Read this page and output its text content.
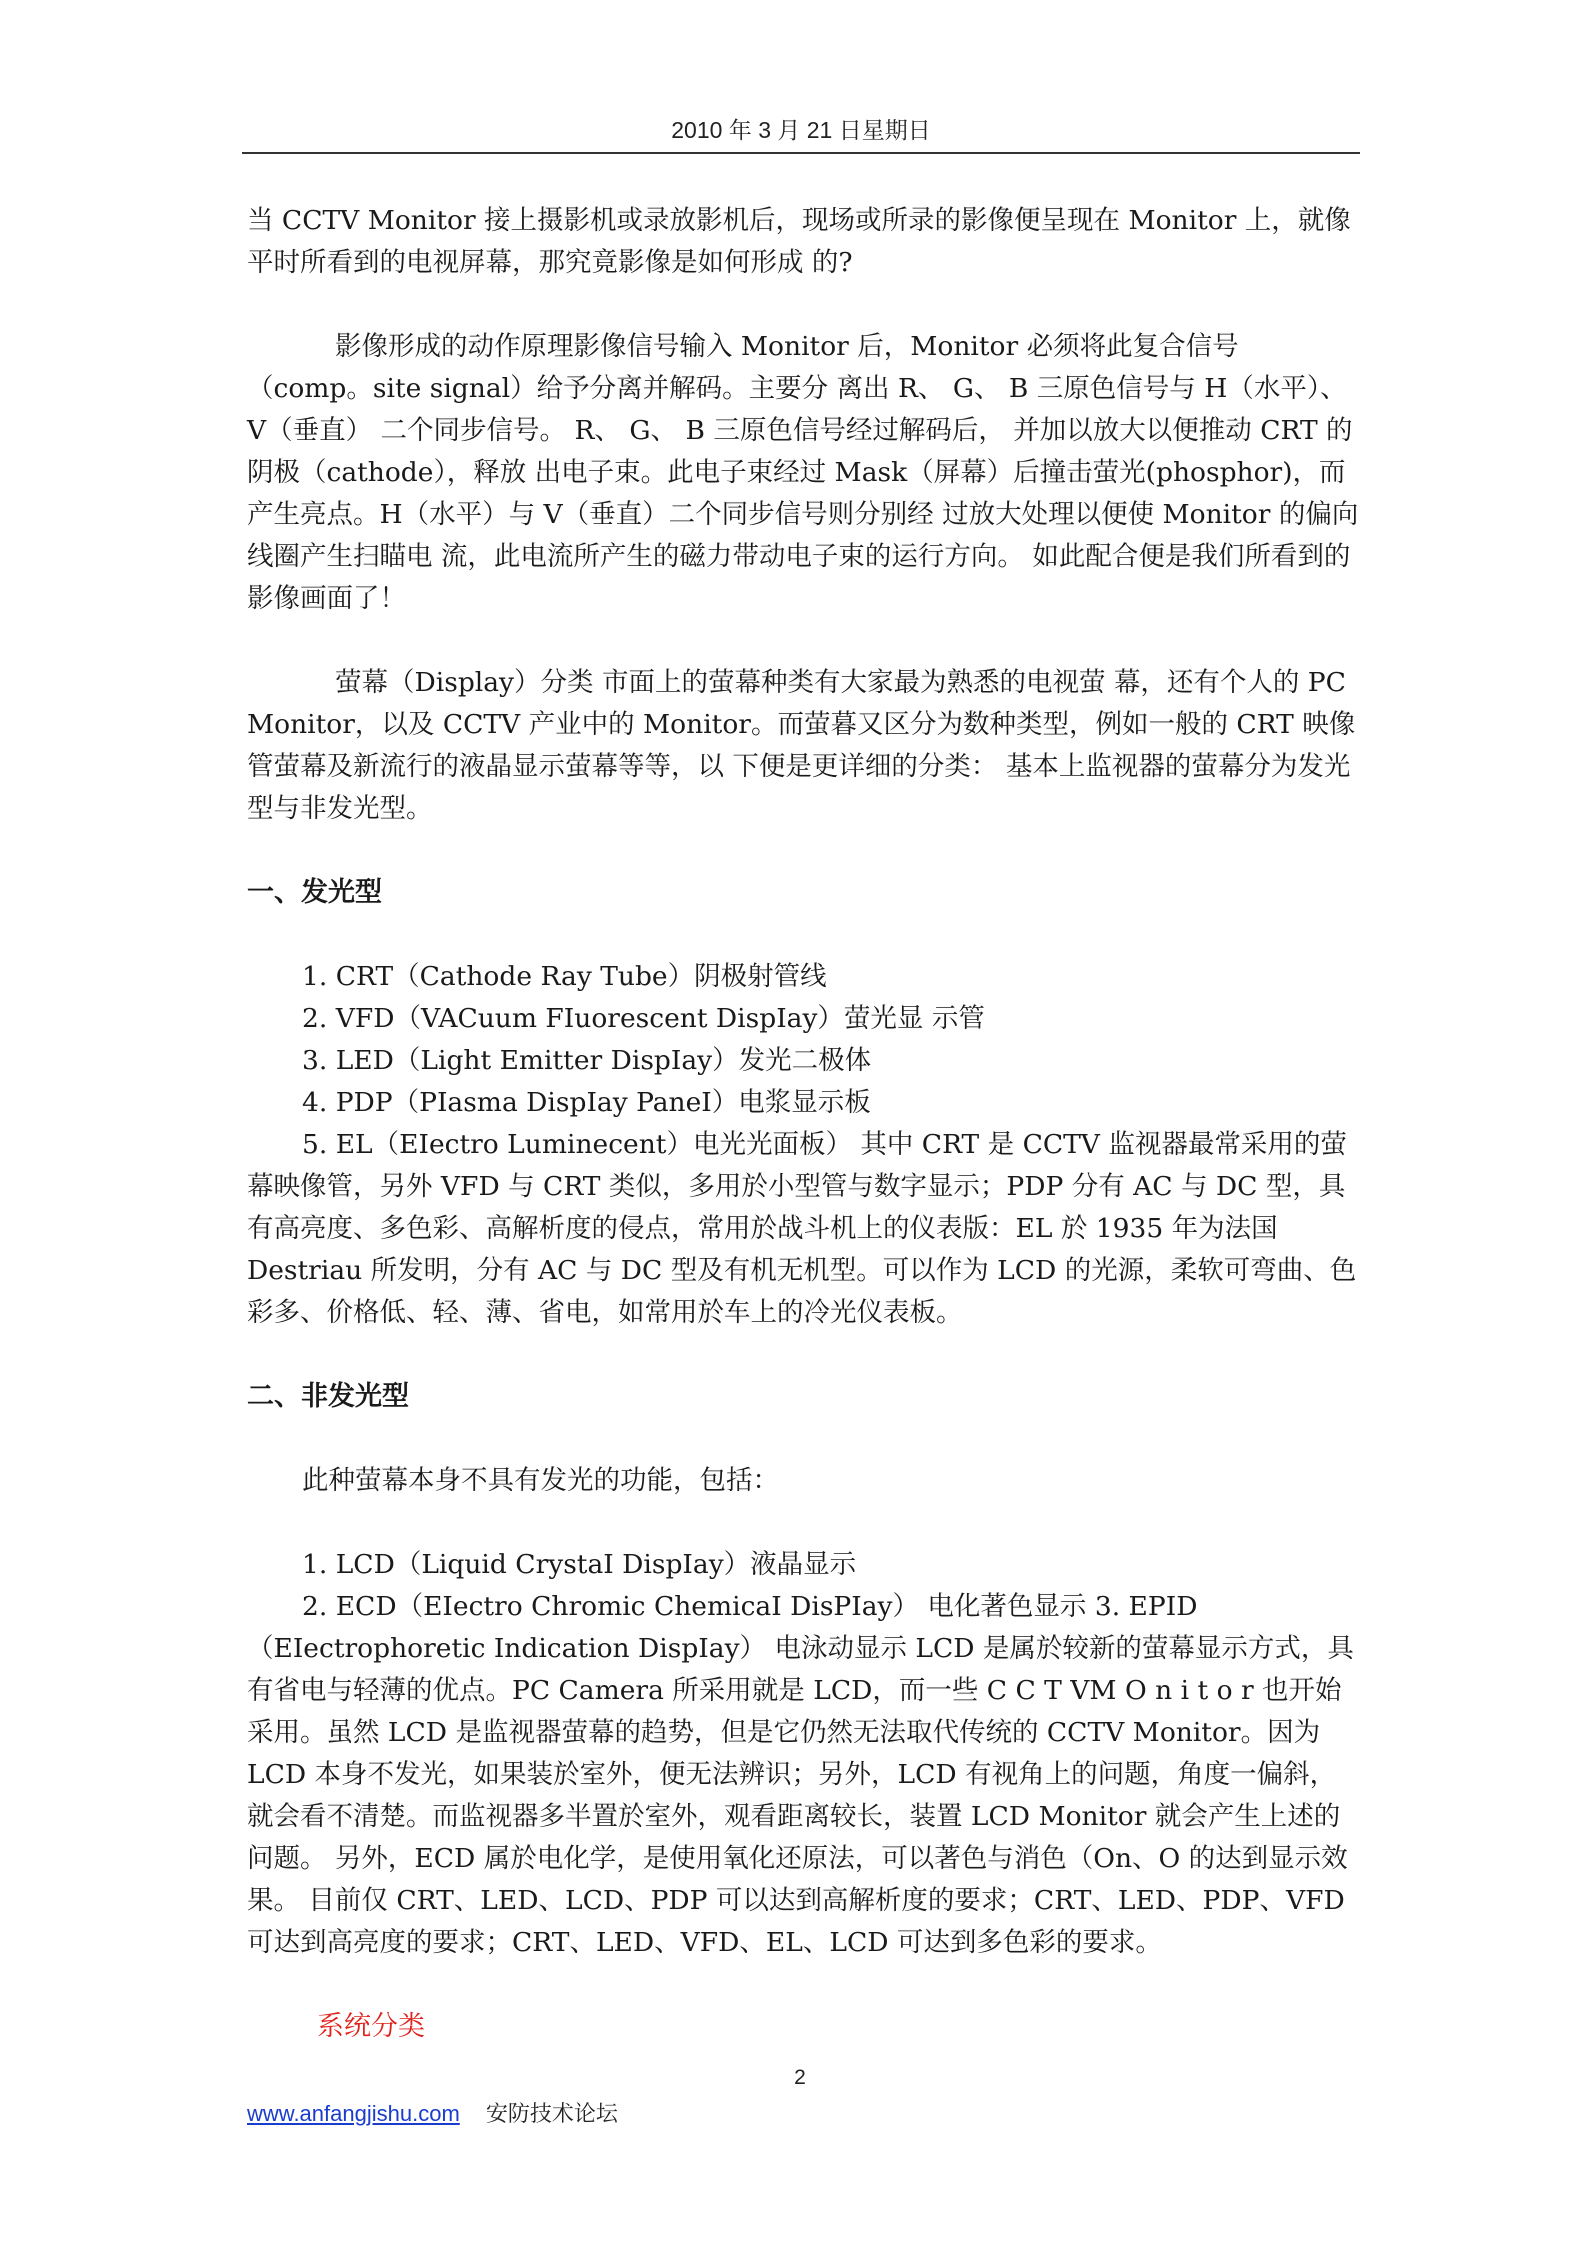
2010 年 3 月 21 日星期日

当 CCTV Monitor 接上摄影机或录放影机后，现场或所录的影像便呈现在 Monitor 上，就像平时所看到的电视屏幕，那究竟影像是如何形成 的?

影像形成的动作原理影像信号输入 Monitor 后，Monitor 必须将此复合信号（comp。site signal）给予分离并解码。主要分 离出 R、 G、 B 三原色信号与 H（水平）、 V（垂直） 二个同步信号。 R、 G、 B 三原色信号经过解码后， 并加以放大以便推动 CRT 的阴极（cathode），释放 出电子束。此电子束经过 Mask（屏幕）后撞击萤光(phosphor)，而产生亮点。H（水平）与 V（垂直）二个同步信号则分别经 过放大处理以便使 Monitor 的偏向线圈产生扫瞄电 流，此电流所产生的磁力带动电子束的运行方向。 如此配合便是我们所看到的影像画面了！

萤幕（Display）分类 市面上的萤幕种类有大家最为熟悉的电视萤 幕，还有个人的 PC Monitor，以及 CCTV 产业中的 Monitor。而萤暮又区分为数种类型，例如一般的 CRT 映像管萤幕及新流行的液晶显示萤幕等等，以 下便是更详细的分类： 基本上监视器的萤幕分为发光型与非发光型。

一、发光型

1. CRT（Cathode Ray Tube）阴极射管线

2. VFD（VACuum FIuorescent DispIay）萤光显 示管

3. LED（Light Emitter DispIay）发光二极体

4. PDP（PIasma DispIay PaneI）电浆显示板

5. EL（EIectro Luminecent）电光光面板） 其中 CRT 是 CCTV 监视器最常采用的萤幕映像管，另外 VFD 与 CRT 类似，多用於小型管与数字显示；PDP 分有 AC 与 DC 型，具有高亮度、多色彩、高解析度的侵点，常用於战斗机上的仪表版：EL 於 1935 年为法国 Destriau 所发明，分有 AC 与 DC 型及有机无机型。可以作为 LCD 的光源，柔软可弯曲、色彩多、价格低、轻、薄、省电，如常用於车上的冷光仪表板。

二、非发光型

此种萤幕本身不具有发光的功能，包括：

1. LCD（Liquid CrystaI DispIay）液晶显示

2. ECD（EIectro Chromic ChemicaI DisPIay） 电化著色显示 3. EPID（EIectrophoretic Indication DispIay） 电泳动显示 LCD 是属於较新的萤幕显示方式，具有省电与轻薄的优点。PC Camera 所采用就是 LCD，而一些 C C T VM O n i t o r 也开始采用。虽然 LCD 是监视器萤幕的趋势，但是它仍然无法取代传统的 CCTV Monitor。因为 LCD 本身不发光，如果装於室外，便无法辨识；另外，LCD 有视角上的问题，角度一偏斜，就会看不清楚。而监视器多半置於室外，观看距离较长，装置 LCD Monitor 就会产生上述的问题。 另外，ECD 属於电化学，是使用氧化还原法，可以著色与消色（On、O 的达到显示效果。 目前仅 CRT、LED、LCD、PDP 可以达到高解析度的要求；CRT、LED、PDP、VFD 可达到高亮度的要求；CRT、LED、VFD、EL、LCD 可达到多色彩的要求。

系统分类

2
www.anfangjishu.com 安防技术论坛
